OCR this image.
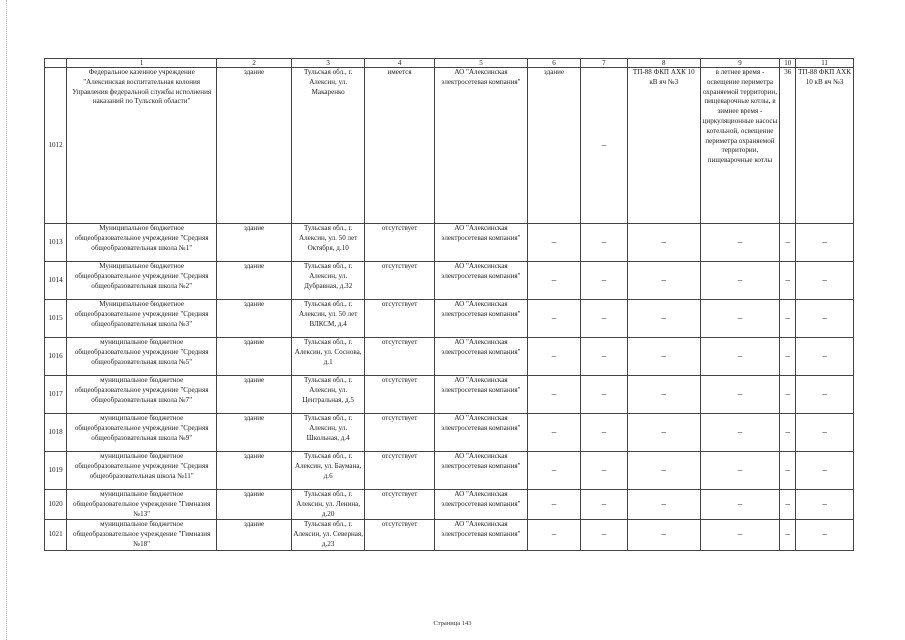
	1	2	3	4	5	6	7	8	9	10	11
1012	Федеральное казенное учреждение "Алексинская воспитательная колония Управления федеральной службы исполнения наказаний по Тульской области"	здание	Тульская обл., г. Алексин, ул. Макаренко	имеется	АО "Алексинская электросетевая компания"	здание	–	ТП-88 ФКП АХК 10 кВ яч №3	в летнее время - освещение периметра охраняемой территории, пищеварочные котлы, в зимнее время - циркуляционные насосы котельной, освещение периметра охраняемой территории, пищеварочные котлы	36	ТП-88 ФКП АХК 10 кВ яч №3
1013	Муниципальное бюджетное общеобразовательное учреждение "Средняя общеобразовательная школа №1"	здание	Тульская обл., г. Алексин, ул. 50 лет Октября, д.10	отсутствует	АО "Алексинская электросетевая компания"	–	–	–	–	–	–
1014	Муниципальное бюджетное общеобразовательное учреждение "Средняя общеобразовательная школа №2"	здание	Тульская обл., г. Алексин, ул. Дубравная, д.32	отсутствует	АО "Алексинская электросетевая компания"	–	–	–	–	–	–
1015	Муниципальное бюджетное общеобразовательное учреждение "Средняя общеобразовательная школа №3"	здание	Тульская обл., г. Алексин, ул. 50 лет ВЛКСМ, д.4	отсутствует	АО "Алексинская электросетевая компания"	–	–	–	–	–	–
1016	муниципальное бюджетное общеобразовательное учреждение "Средняя общеобразовательная школа №5"	здание	Тульская обл., г. Алексин, ул. Соснова, д.1	отсутствует	АО "Алексинская электросетевая компания"	–	–	–	–	–	–
1017	муниципальное бюджетное общеобразовательное учреждение "Средняя общеобразовательная школа №7"	здание	Тульская обл., г. Алексин, ул. Центральная, д.5	отсутствует	АО "Алексинская электросетевая компания"	–	–	–	–	–	–
1018	муниципальное бюджетное общеобразовательное учреждение "Средняя общеобразовательная школа №9"	здание	Тульская обл., г. Алексин, ул. Школьная, д.4	отсутствует	АО "Алексинская электросетевая компания"	–	–	–	–	–	–
1019	муниципальное бюджетное общеобразовательное учреждение "Средняя общеобразовательная школа №11"	здание	Тульская обл., г. Алексин, ул. Баумана, д.6	отсутствует	АО "Алексинская электросетевая компания"	–	–	–	–	–	–
1020	муниципальное бюджетное общеобразовательное учреждение "Гимназия №13"	здание	Тульская обл., г. Алексин, ул. Ленина, д.20	отсутствует	АО "Алексинская электросетевая компания"	–	–	–	–	–	–
1021	муниципальное бюджетное общеобразовательное учреждение "Гимназия №18"	здание	Тульская обл., г. Алексин, ул. Северная, д.23	отсутствует	АО "Алексинская электросетевая компания"	–	–	–	–	–	–
Страница 143
